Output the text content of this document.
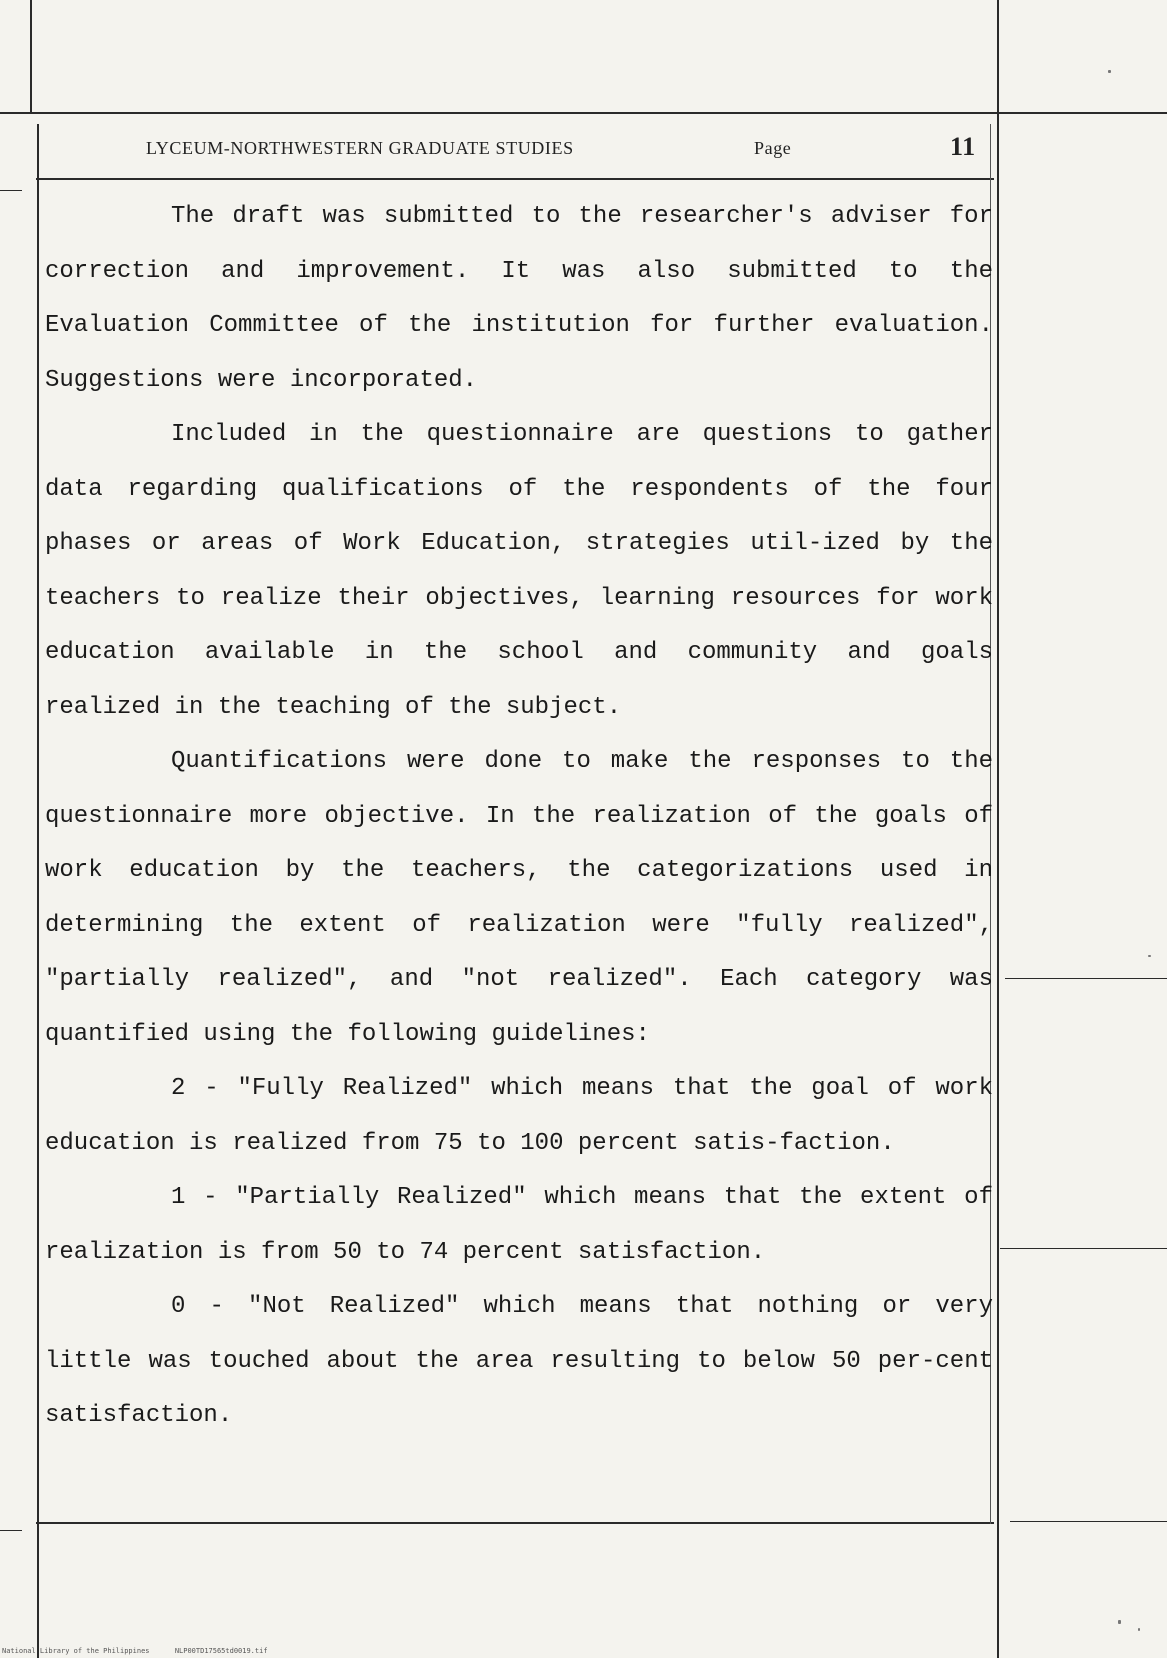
LYCEUM-NORTHWESTERN GRADUATE STUDIES	Page	11

The draft was submitted to the researcher's adviser for correction and improvement. It was also submitted to the Evaluation Committee of the institution for further evaluation. Suggestions were incorporated.

Included in the questionnaire are questions to gather data regarding qualifications of the respondents of the four phases or areas of Work Education, strategies util-ized by the teachers to realize their objectives, learning resources for work education available in the school and community and goals realized in the teaching of the subject.

Quantifications were done to make the responses to the questionnaire more objective. In the realization of the goals of work education by the teachers, the categorizations used in determining the extent of realization were "fully realized", "partially realized", and "not realized". Each category was quantified using the following guidelines:

2 - "Fully Realized" which means that the goal of work education is realized from 75 to 100 percent satis-faction.

1 - "Partially Realized" which means that the extent of realization is from 50 to 74 percent satisfaction.

0 - "Not Realized" which means that nothing or very little was touched about the area resulting to below 50 per-cent satisfaction.

National Library of the Philippines	NLP00TD17565td0019.tif
